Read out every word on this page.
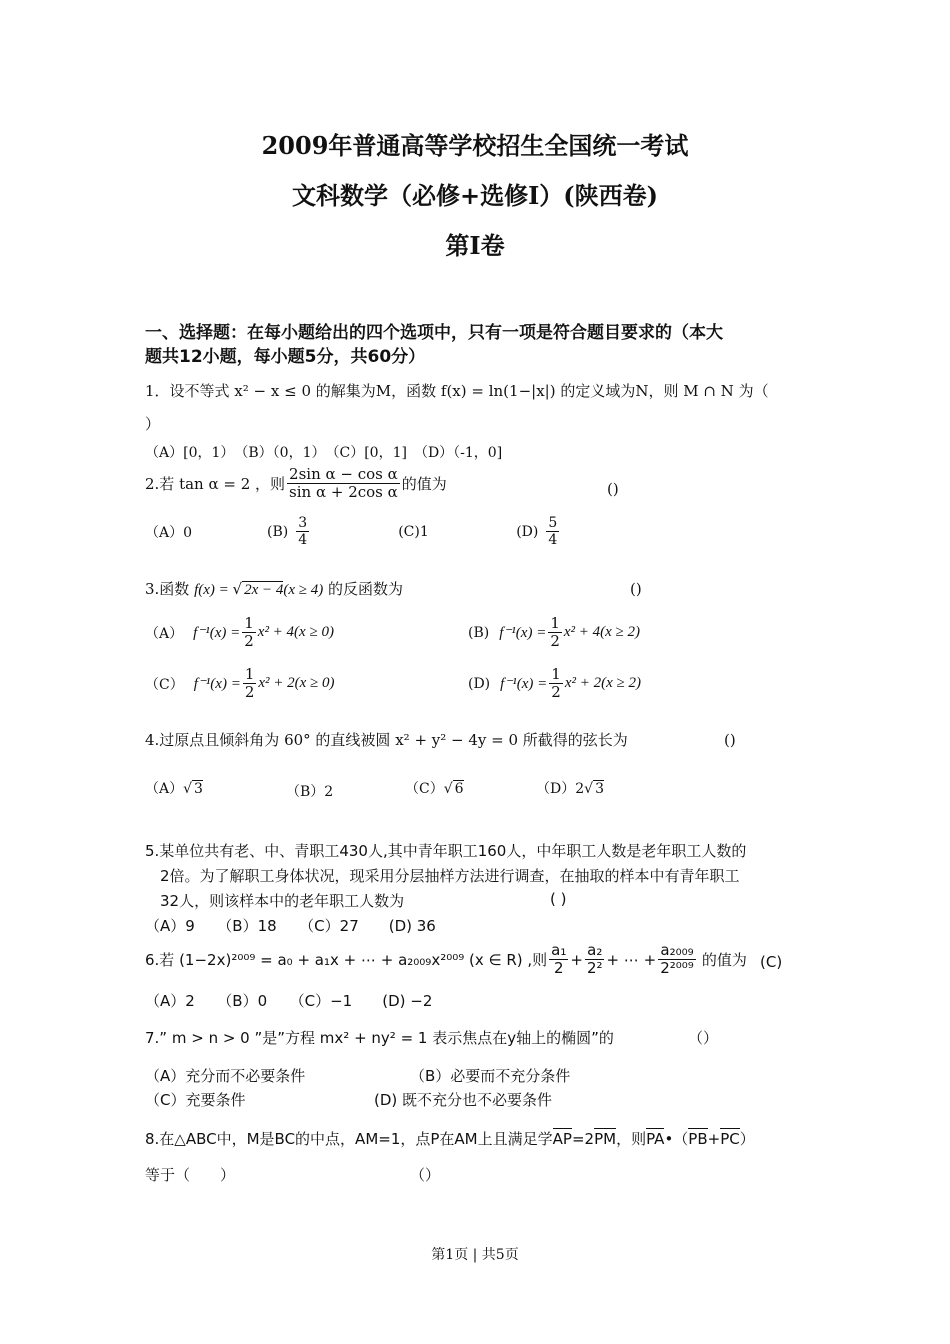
2009年普通高等学校招生全国统一考试
文科数学（必修+选修Ⅰ）(陕西卷)
第Ⅰ卷
一、选择题：在每小题给出的四个选项中，只有一项是符合题目要求的（本大
题共12小题，每小题5分，共60分）
1．设不等式 x² − x ≤ 0 的解集为M，函数 f(x) = ln(1−|x|) 的定义域为N，则 M ∩ N 为（
）
（A）[0，1）　（B）（0，1）　（C）[0，1]　（D）（-1，0]
2.若 tan α = 2 ，则 $\frac{\text{2sin α − cos α}}{\text{sin α + 2cos α}}$ 的值为	()
（A）0	$(B) \frac{3}{4} (C)1$	$(D) \frac{5}{4}$
3.函数 f(x) = √ 2x − 4(x ≥ 4) 的反函数为	()
（A） $f^{-1}(x) = \frac{1}{2} x^2 + 4(x \ge 0)$	(B) $f^{-1}(x) = \frac{1}{2} x^2 + 4(x \ge 2)$
（C） $f^{-1}(x) = \frac{1}{2} x^2 + 2(x \ge 0)$	(D) $f^{-1}(x) = \frac{1}{2} x^2 + 2(x \ge 2)$
4.过原点且倾斜角为 60° 的直线被圆 x² + y² − 4y = 0 所截得的弦长为	()
（A）√ 3	（B）2	（C）√ 6	（D）2√ 3
5.某单位共有老、中、青职工430人,其中青年职工160人，中年职工人数是老年职工人数的
2倍。为了解职工身体状况，现采用分层抽样方法进行调查，在抽取的样本中有青年职工
32人，则该样本中的老年职工人数为	( )
（A）9　　（B）18　　（C）27　　(D) 36
6.若 (1−2x)²⁰⁰⁹ = a₀ + a₁x + ⋯ + a₂₀₀₉x²⁰⁰⁹ (x ∈ R) ,则 $\frac{\text{a₁}}{2} + \frac{\text{a₂}}{\text{2²}}$ + ⋯ + $\frac{\text{a₂₀₀₉}}{\text{2²⁰⁰⁹}}$ 的值为 (C)
（A）2　　（B）0　　（C）−1　　(D) −2
7.” m > n > 0 ”是”方程 mx² + ny² = 1 表示焦点在y轴上的椭圆”的	（）
（A）充分而不必要条件	（B）必要而不充分条件
（C）充要条件	(D) 既不充分也不必要条件
8.在△ABC中，M是BC的中点，AM=1，点P在AM上且满足学AP=2PM，则PA•（PB+PC）
等于（　　）	（）
第1页 | 共5页
